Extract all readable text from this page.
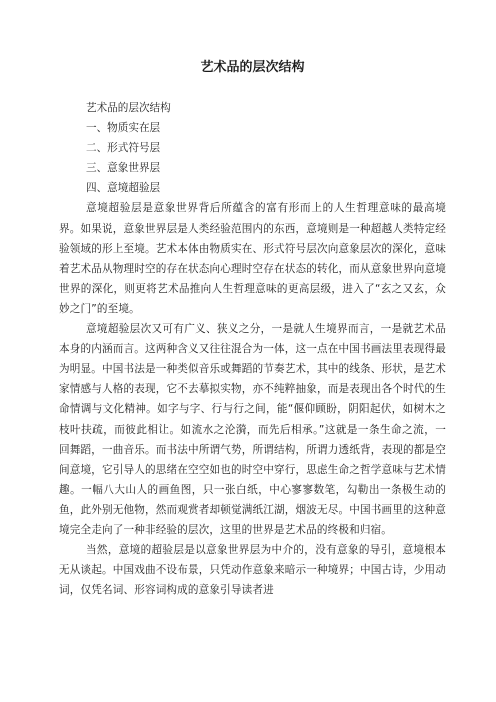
艺术品的层次结构

艺术品的层次结构

一、物质实在层

二、形式符号层

三、意象世界层

四、意境超验层

意境超验层是意象世界背后所蕴含的富有形而上的人生哲理意味的最高境界。如果说，意象世界层是人类经验范围内的东西，意境则是一种超越人类特定经验领域的形上至境。艺术本体由物质实在、形式符号层次向意象层次的深化，意味着艺术品从物理时空的存在状态向心理时空存在状态的转化，而从意象世界向意境世界的深化，则更将艺术品推向人生哲理意味的更高层级，进入了“玄之又玄，众妙之门”的至境。

意境超验层次又可有广义、狭义之分，一是就人生境界而言，一是就艺术品本身的内涵而言。这两种含义又往往混合为一体，这一点在中国书画法里表现得最为明显。中国书法是一种类似音乐或舞蹈的节奏艺术，其中的线条、形状，是艺术家情感与人格的表现，它不去摹拟实物，亦不纯粹抽象，而是表现出各个时代的生命情调与文化精神。如字与字、行与行之间，能“偃仰顾盼，阴阳起伏，如树木之枝叶扶疏，而彼此相让。如流水之沦漪，而先后相承。”这就是一条生命之流，一回舞蹈，一曲音乐。而书法中所谓气势，所谓结构，所谓力透纸背，表现的都是空间意境，它引导人的思绪在空空如也的时空中穿行，思虑生命之哲学意味与艺术情趣。一幅八大山人的画鱼图，只一张白纸，中心寥寥数笔，勾勒出一条极生动的鱼，此外别无他物，然而观赏者却顿觉满纸江湖，烟波无尽。中国书画里的这种意境完全走向了一种非经验的层次，这里的世界是艺术品的终极和归宿。

当然，意境的超验层是以意象世界层为中介的，没有意象的导引，意境根本无从谈起。中国戏曲不设布景，只凭动作意象来暗示一种境界；中国古诗，少用动词，仅凭名词、形容词构成的意象引导读者进
